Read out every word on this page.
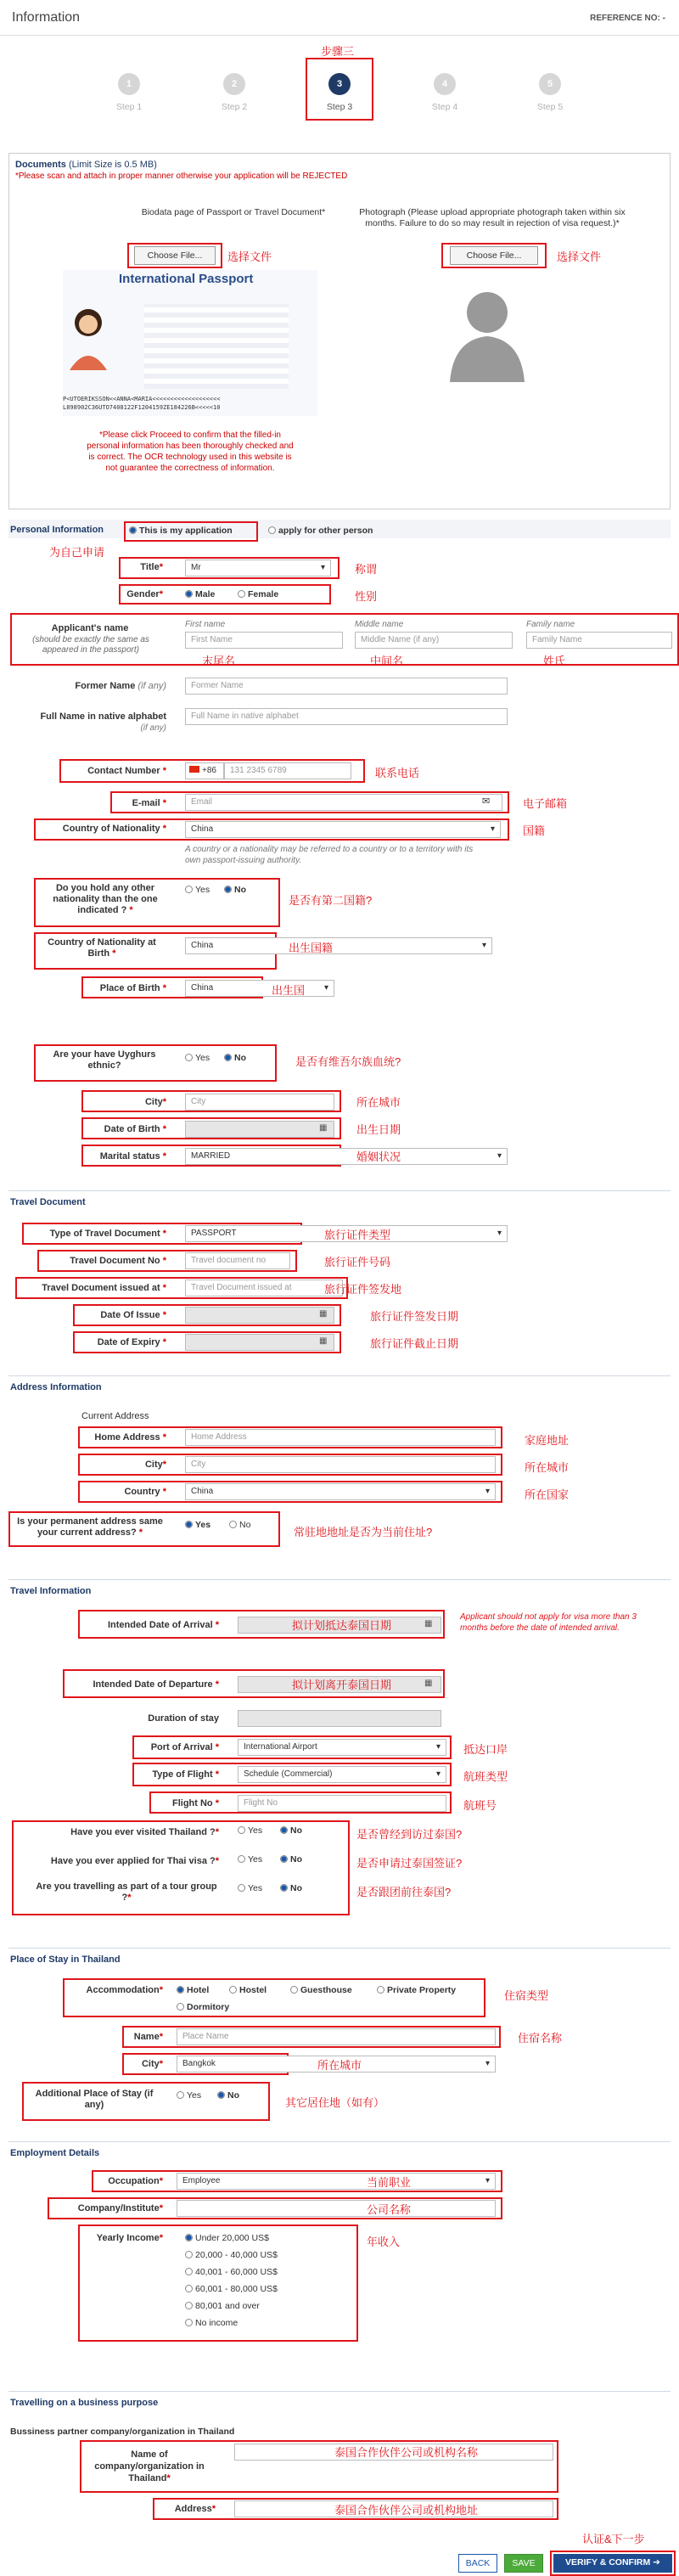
Information	REFERENCE NO: -
步骤三
1
Step 1
2
Step 2
3
Step 3
4
Step 4
5
Step 5
Documents (Limit Size is 0.5 MB)
*Please scan and attach in proper manner otherwise your application will be REJECTED
Biodata page of Passport or Travel Document*	Photograph (Please upload appropriate photograph taken within six months. Failure to do so may result in rejection of visa request.)*
Choose File...	选择文件	Choose File...	选择文件
International Passport
P<UTOERIKSSON<<ANNA<MARIA<<<<<<<<<<<<<<<<<<<
L898902C36UTO7408122F1204159ZE184226B<<<<<10
*Please click Proceed to confirm that the filled-in personal information has been thoroughly checked and is correct. The OCR technology used in this website is not guarantee the correctness of information.
Personal Information	This is my application	apply for other person
为自己申请
Title*	Mr ▾	称谓
Gender*	Male	Female	性别
Applicant's name
(should be exactly the same as appeared in the passport)
First name	Middle name	Family name
First Name	Middle Name (if any)	Family Name
末尾名	中间名	姓氏
Former Name (if any)	Former Name
Full Name in native alphabet
(if any)
Full Name in native alphabet
Contact Number *	+86	131 2345 6789	联系电话
E-mail *	Email	✉	电子邮箱
Country of Nationality *	China ▾	国籍
A country or a nationality may be referred to a country or to a territory with its own passport-issuing authority.
Do you hold any other nationality than the one indicated ? *
Yes	No
是否有第二国籍?
Country of Nationality at Birth *
China ▾	出生国籍
Place of Birth *	China ▾	出生国
Are your have Uyghurs ethnic?
Yes	No	是否有维吾尔族血统?
City*	City	所在城市
Date of Birth *	▦	出生日期
Marital status *	MARRIED ▾	婚姻状况
Travel Document
Type of Travel Document *	PASSPORT ▾	旅行证件类型
Travel Document No *	Travel document no	旅行证件号码
Travel Document issued at *	Travel Document issued at	旅行证件签发地
Date Of Issue *	▦	旅行证件签发日期
Date of Expiry *	▦	旅行证件截止日期
Address Information
Current Address
Home Address *	Home Address	家庭地址
City*	City	所在城市
Country *	China ▾	所在国家
Is your permanent address same your current address? *
Yes	No
常驻地地址是否为当前住址?
Travel Information
Intended Date of Arrival *	▦
拟计划抵达泰国日期
Applicant should not apply for visa more than 3 months before the date of intended arrival.
Intended Date of Departure *	▦
拟计划离开泰国日期
Duration of stay
Port of Arrival *	International Airport ▾	抵达口岸
Type of Flight *	Schedule (Commercial) ▾	航班类型
Flight No *	Flight No	航班号
Have you ever visited Thailand ?*	Yes	No	是否曾经到访过泰国?
Have you ever applied for Thai visa ?*	Yes	No	是否申请过泰国签证?
Are you travelling as part of a tour group ?*
Yes	No	是否跟团前往泰国?
Place of Stay in Thailand
Accommodation*	Hotel	Hostel	Guesthouse	Private Property
Dormitory
住宿类型
Name*	Place Name	住宿名称
City*	Bangkok ▾	所在城市
Additional Place of Stay (if any)
Yes	No
其它居住地（如有）
Employment Details
Occupation*	Employee ▾	当前职业
Company/Institute*	公司名称
Yearly Income*	Under 20,000 US$
20,000 - 40,000 US$
40,001 - 60,000 US$
60,001 - 80,000 US$
80,001 and over
No income
年收入
Travelling on a business purpose
Bussiness partner company/organization in Thailand
Name of company/organization in Thailand*
泰国合作伙伴公司或机构名称
Address*	泰国合作伙伴公司或机构地址
认证&下一步
BACK	SAVE	VERIFY & CONFIRM ➔
